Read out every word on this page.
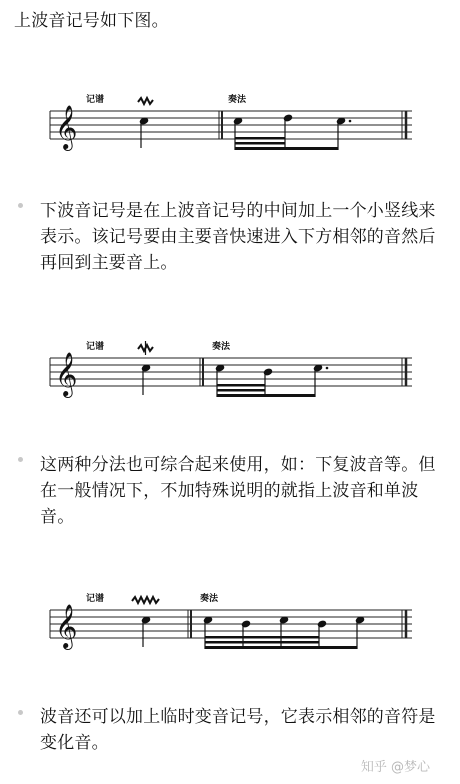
上波音记号如下图。
𝄞
记谱	奏法
下波音记号是在上波音记号的中间加上一个小竖线来表示。该记号要由主要音快速进入下方相邻的音然后再回到主要音上。
𝄞
记谱	奏法
这两种分法也可综合起来使用，如：下复波音等。但在一般情况下，不加特殊说明的就指上波音和单波音。
𝄞
记谱	奏法
波音还可以加上临时变音记号，它表示相邻的音符是变化音。
知乎 @梦心
